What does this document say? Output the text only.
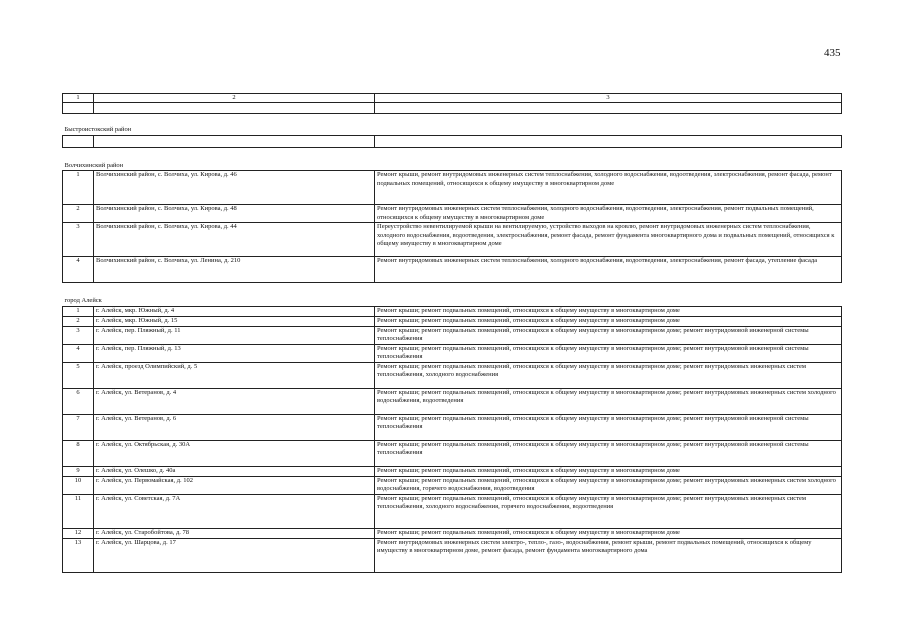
435
1	2	3

Быстроистокский район		

Волчихинский район		
1	Волчихинский район, с. Волчиха, ул. Кирова, д. 46	Ремонт крыши, ремонт внутридомовых инженерных систем теплоснабжения, холодного водоснабжения, водоотведения, электроснабжения, ремонт фасада, ремонт подвальных помещений, относящихся к общему имуществу в многоквартирном доме
2	Волчихинский район, с. Волчиха, ул. Кирова, д. 48	Ремонт внутридомовых инженерных систем теплоснабжения, холодного водоснабжения, водоотведения, электроснабжения, ремонт подвальных помещений, относящихся к общему имуществу в многоквартирном доме
3	Волчихинский район, с. Волчиха, ул. Кирова, д. 44	Переустройство невентилируемой крыши на вентилируемую, устройство выходов на кровлю, ремонт внутридомовых инженерных систем теплоснабжения, холодного водоснабжения, водоотведения, электроснабжения, ремонт фасада, ремонт фундамента многоквартирного дома и подвальных помещений, относящихся к общему имуществу в многоквартирном доме
4	Волчихинский район, с. Волчиха, ул. Ленина, д. 210	Ремонт внутридомовых инженерных систем теплоснабжения, холодного водоснабжения, водоотведения, электроснабжения, ремонт фасада, утепление фасада
город Алейск		
1	г. Алейск, мкр. Южный, д. 4	Ремонт крыши; ремонт подвальных помещений, относящихся к общему имуществу в многоквартирном доме
2	г. Алейск, мкр. Южный, д. 15	Ремонт крыши; ремонт подвальных помещений, относящихся к общему имуществу в многоквартирном доме
3	г. Алейск, пер. Пляжный, д. 11	Ремонт крыши; ремонт подвальных помещений, относящихся к общему имуществу в многоквартирном доме; ремонт внутридомовой инженерной системы теплоснабжения
4	г. Алейск, пер. Пляжный, д. 13	Ремонт крыши; ремонт подвальных помещений, относящихся к общему имуществу в многоквартирном доме; ремонт внутридомовой инженерной системы теплоснабжения
5	г. Алейск, проезд Олимпийский, д. 5	Ремонт крыши; ремонт подвальных помещений, относящихся к общему имуществу в многоквартирном доме; ремонт внутридомовых инженерных систем теплоснабжения, холодного водоснабжения
6	г. Алейск, ул. Ветеранов, д. 4	Ремонт крыши; ремонт подвальных помещений, относящихся к общему имуществу в многоквартирном доме; ремонт внутридомовых инженерных систем холодного водоснабжения, водоотведения
7	г. Алейск, ул. Ветеранов, д. 6	Ремонт крыши; ремонт подвальных помещений, относящихся к общему имуществу в многоквартирном доме; ремонт внутридомовой инженерной системы теплоснабжения
8	г. Алейск, ул. Октябрьская, д. 30А	Ремонт крыши; ремонт подвальных помещений, относящихся к общему имуществу в многоквартирном доме; ремонт внутридомовой инженерной системы теплоснабжения
9	г. Алейск, ул. Олешко, д. 40а	Ремонт крыши; ремонт подвальных помещений, относящихся к общему имуществу в многоквартирном доме
10	г. Алейск, ул. Первомайская, д. 102	Ремонт крыши; ремонт подвальных помещений, относящихся к общему имуществу в многоквартирном доме; ремонт внутридомовых инженерных систем холодного водоснабжения, горячего водоснабжения, водоотведения
11	г. Алейск, ул. Советская, д. 7А	Ремонт крыши; ремонт подвальных помещений, относящихся к общему имуществу в многоквартирном доме; ремонт внутридомовых инженерных систем теплоснабжения, холодного водоснабжения, горячего водоснабжения, водоотведения
12	г. Алейск, ул. Старобойтова, д. 78	Ремонт крыши; ремонт подвальных помещений, относящихся к общему имуществу в многоквартирном доме
13	г. Алейск, ул. Шарцова, д. 17	Ремонт внутридомовых инженерных систем электро-, тепло-, газо-, водоснабжения, ремонт крыши, ремонт подвальных помещений, относящихся к общему имуществу в многоквартирном доме, ремонт фасада, ремонт фундамента многоквартирного дома
